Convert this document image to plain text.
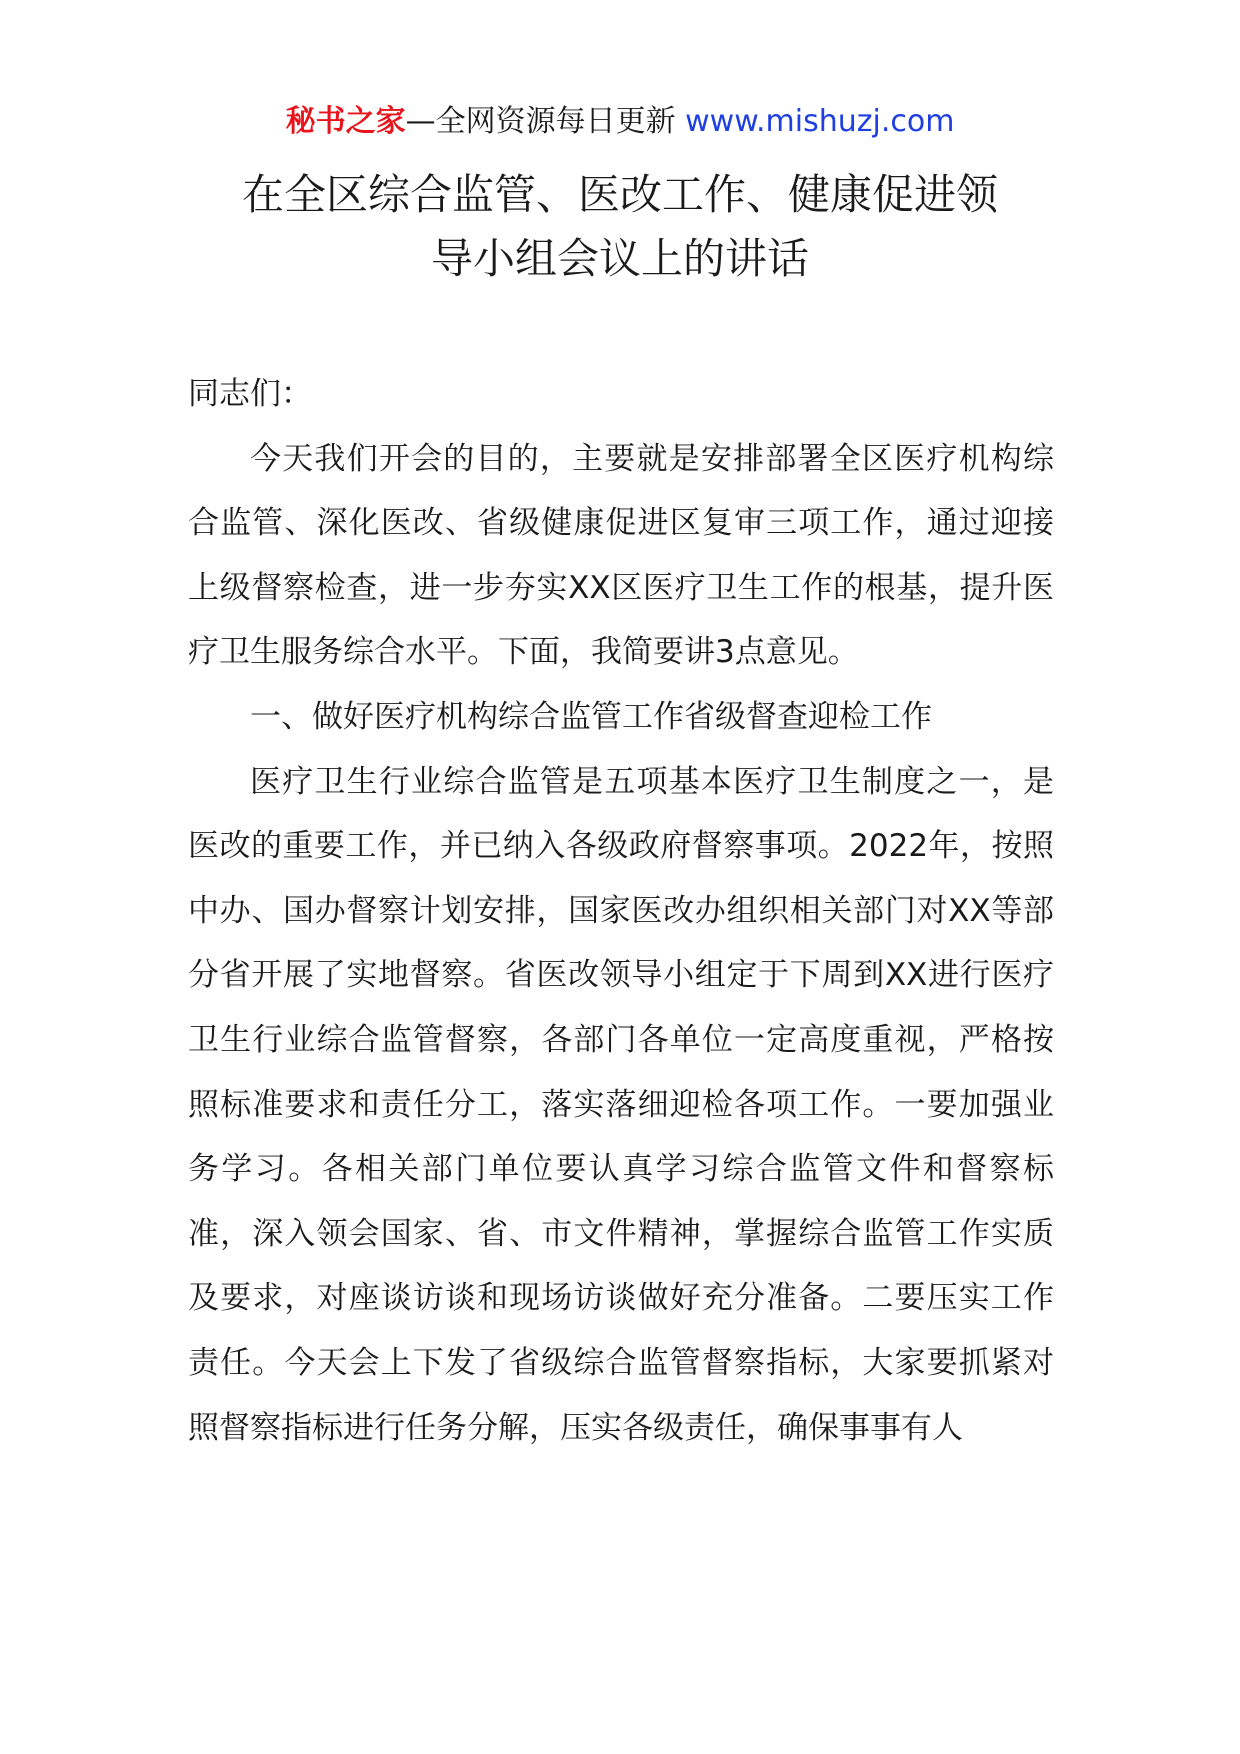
秘书之家—全网资源每日更新 www.mishuzj.com
在全区综合监管、医改工作、健康促进领
导小组会议上的讲话

同志们：

今天我们开会的目的，主要就是安排部署全区医疗机构综合监管、深化医改、省级健康促进区复审三项工作，通过迎接上级督察检查，进一步夯实XX区医疗卫生工作的根基，提升医疗卫生服务综合水平。下面，我简要讲3点意见。

一、做好医疗机构综合监管工作省级督查迎检工作

医疗卫生行业综合监管是五项基本医疗卫生制度之一，是医改的重要工作，并已纳入各级政府督察事项。2022年，按照中办、国办督察计划安排，国家医改办组织相关部门对XX等部分省开展了实地督察。省医改领导小组定于下周到XX进行医疗卫生行业综合监管督察，各部门各单位一定高度重视，严格按照标准要求和责任分工，落实落细迎检各项工作。一要加强业务学习。各相关部门单位要认真学习综合监管文件和督察标准，深入领会国家、省、市文件精神，掌握综合监管工作实质及要求，对座谈访谈和现场访谈做好充分准备。二要压实工作责任。今天会上下发了省级综合监管督察指标，大家要抓紧对照督察指标进行任务分解，压实各级责任，确保事事有人
